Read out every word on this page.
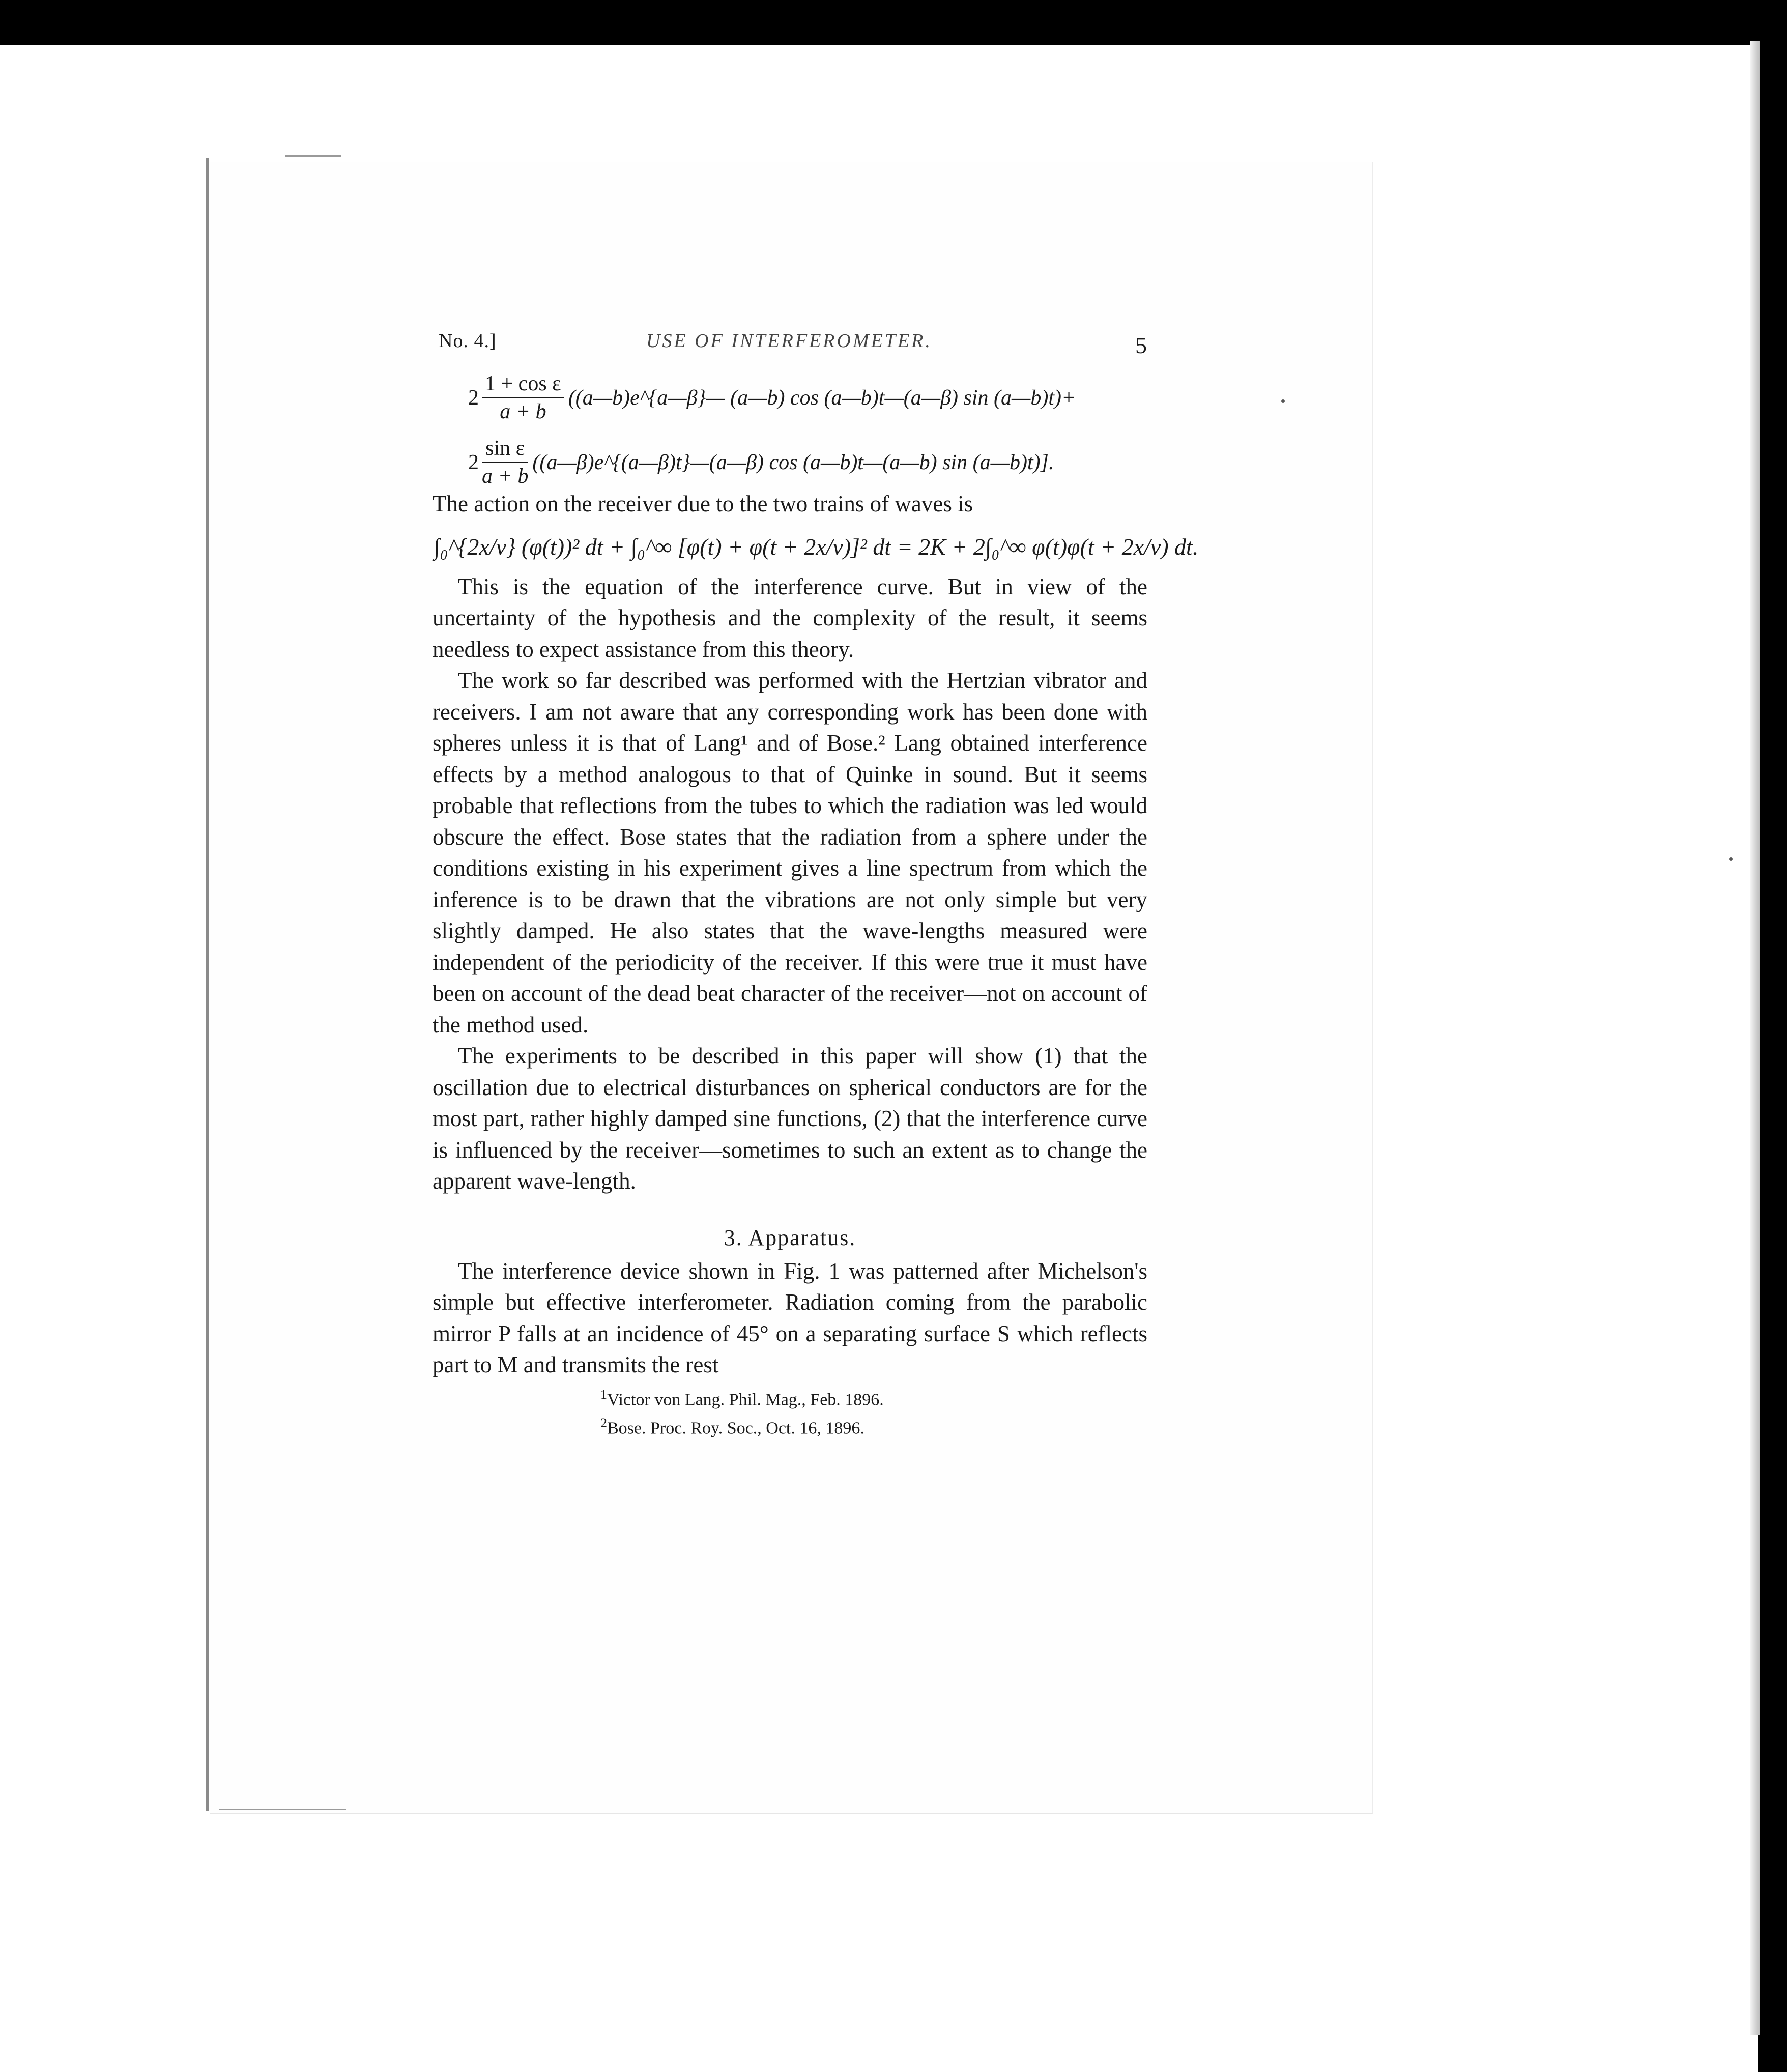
No. 4.]	USE OF INTERFEROMETER.	5
$2 \frac{\text{1 + cos ε}}{a + b}$ ((a—b)e^{a—β}— (a—b) cos (a—b)t—(a—β) sin (a—b)t)+
$2 \frac{\text{sin ε}}{a + b}$ ((a—β)e^{(a—β)t}—(a—β) cos (a—b)t—(a—b) sin (a—b)t)].

The action on the receiver due to the two trains of waves is

∫₀^{2x/v} (φ(t))² dt + ∫₀^∞ [φ(t) + φ(t + 2x/v)]² dt = 2K + 2∫₀^∞ φ(t)φ(t + 2x/v) dt.

This is the equation of the interference curve. But in view of the uncertainty of the hypothesis and the complexity of the result, it seems needless to expect assistance from this theory.

The work so far described was performed with the Hertzian vibrator and receivers. I am not aware that any corresponding work has been done with spheres unless it is that of Lang¹ and of Bose.² Lang obtained interference effects by a method analogous to that of Quinke in sound. But it seems probable that reflections from the tubes to which the radiation was led would obscure the effect. Bose states that the radiation from a sphere under the conditions existing in his experiment gives a line spectrum from which the inference is to be drawn that the vibrations are not only simple but very slightly damped. He also states that the wave-lengths measured were independent of the periodicity of the receiver. If this were true it must have been on account of the dead beat character of the receiver—not on account of the method used.

The experiments to be described in this paper will show (1) that the oscillation due to electrical disturbances on spherical conductors are for the most part, rather highly damped sine functions, (2) that the interference curve is influenced by the receiver—sometimes to such an extent as to change the apparent wave-length.

3. Apparatus.

The interference device shown in Fig. 1 was patterned after Michelson's simple but effective interferometer. Radiation coming from the parabolic mirror P falls at an incidence of 45° on a separating surface S which reflects part to M and transmits the rest

$^1$Victor von Lang. Phil. Mag., Feb. 1896.
$^2$Bose. Proc. Roy. Soc., Oct. 16, 1896.
